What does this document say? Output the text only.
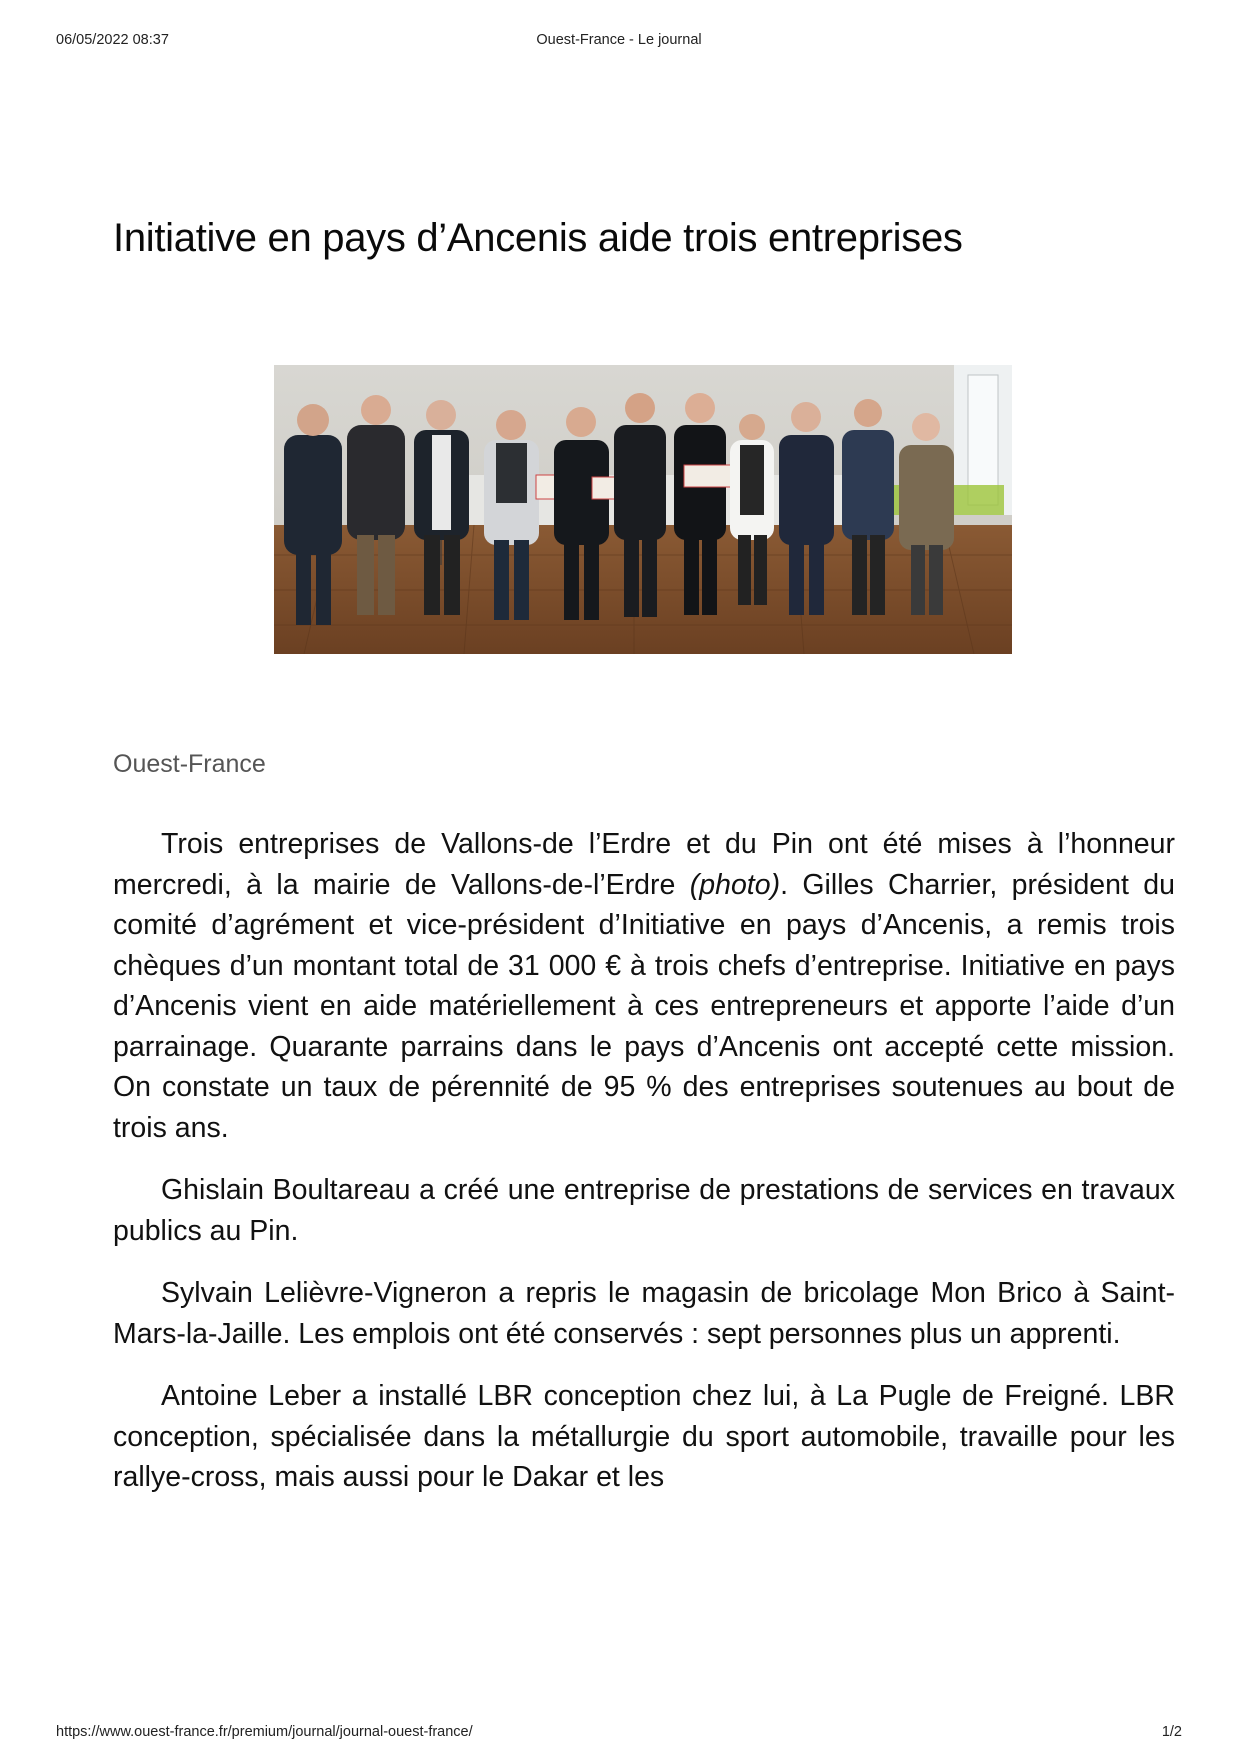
06/05/2022 08:37	Ouest-France - Le journal
Initiative en pays d’Ancenis aide trois entreprises
Ouest-France

Trois entreprises de Vallons-de l’Erdre et du Pin ont été mises à l’honneur mercredi, à la mairie de Vallons-de-l’Erdre (photo). Gilles Charrier, président du comité d’agrément et vice-président d’Initiative en pays d’Ancenis, a remis trois chèques d’un montant total de 31 000 € à trois chefs d’entreprise. Initiative en pays d’Ancenis vient en aide matériellement à ces entrepreneurs et apporte l’aide d’un parrainage. Quarante parrains dans le pays d’Ancenis ont accepté cette mission. On constate un taux de pérennité de 95 % des entreprises soutenues au bout de trois ans.

Ghislain Boultareau a créé une entreprise de prestations de services en travaux publics au Pin.

Sylvain Lelièvre-Vigneron a repris le magasin de bricolage Mon Brico à Saint-Mars-la-Jaille. Les emplois ont été conservés : sept personnes plus un apprenti.

Antoine Leber a installé LBR conception chez lui, à La Pugle de Freigné. LBR conception, spécialisée dans la métallurgie du sport automobile, travaille pour les rallye-cross, mais aussi pour le Dakar et les

https://www.ouest-france.fr/premium/journal/journal-ouest-france/	1/2
